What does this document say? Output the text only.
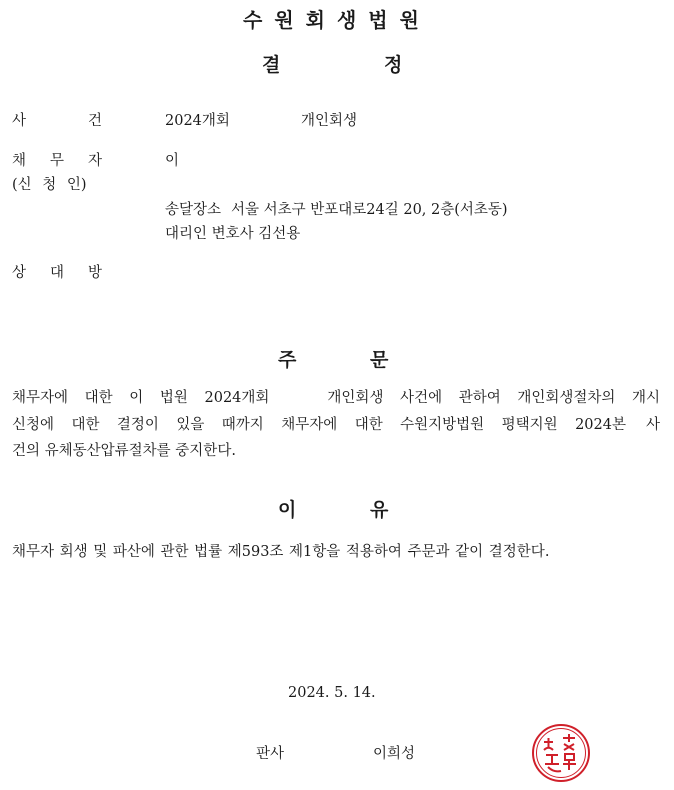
수원회생법원
결	정
사	건	2024개회	개인회생
채 무 자	이
(신 청 인)
송달장소 서울 서초구 반포대로24길 20, 2층(서초동)
대리인 변호사 김선용
상 대 방
주	문
채무자에 대한 이 법원 2024개회	개인회생 사건에 관하여 개인회생절차의 개시
신청에 대한 결정이 있을 때까지 채무자에 대한 수원지방법원 평택지원 2024본 사
건의 유체동산압류절차를 중지한다.
이	유
채무자 회생 및 파산에 관한 법률 제593조 제1항을 적용하여 주문과 같이 결정한다.
2024. 5. 14.
판사	이희성
